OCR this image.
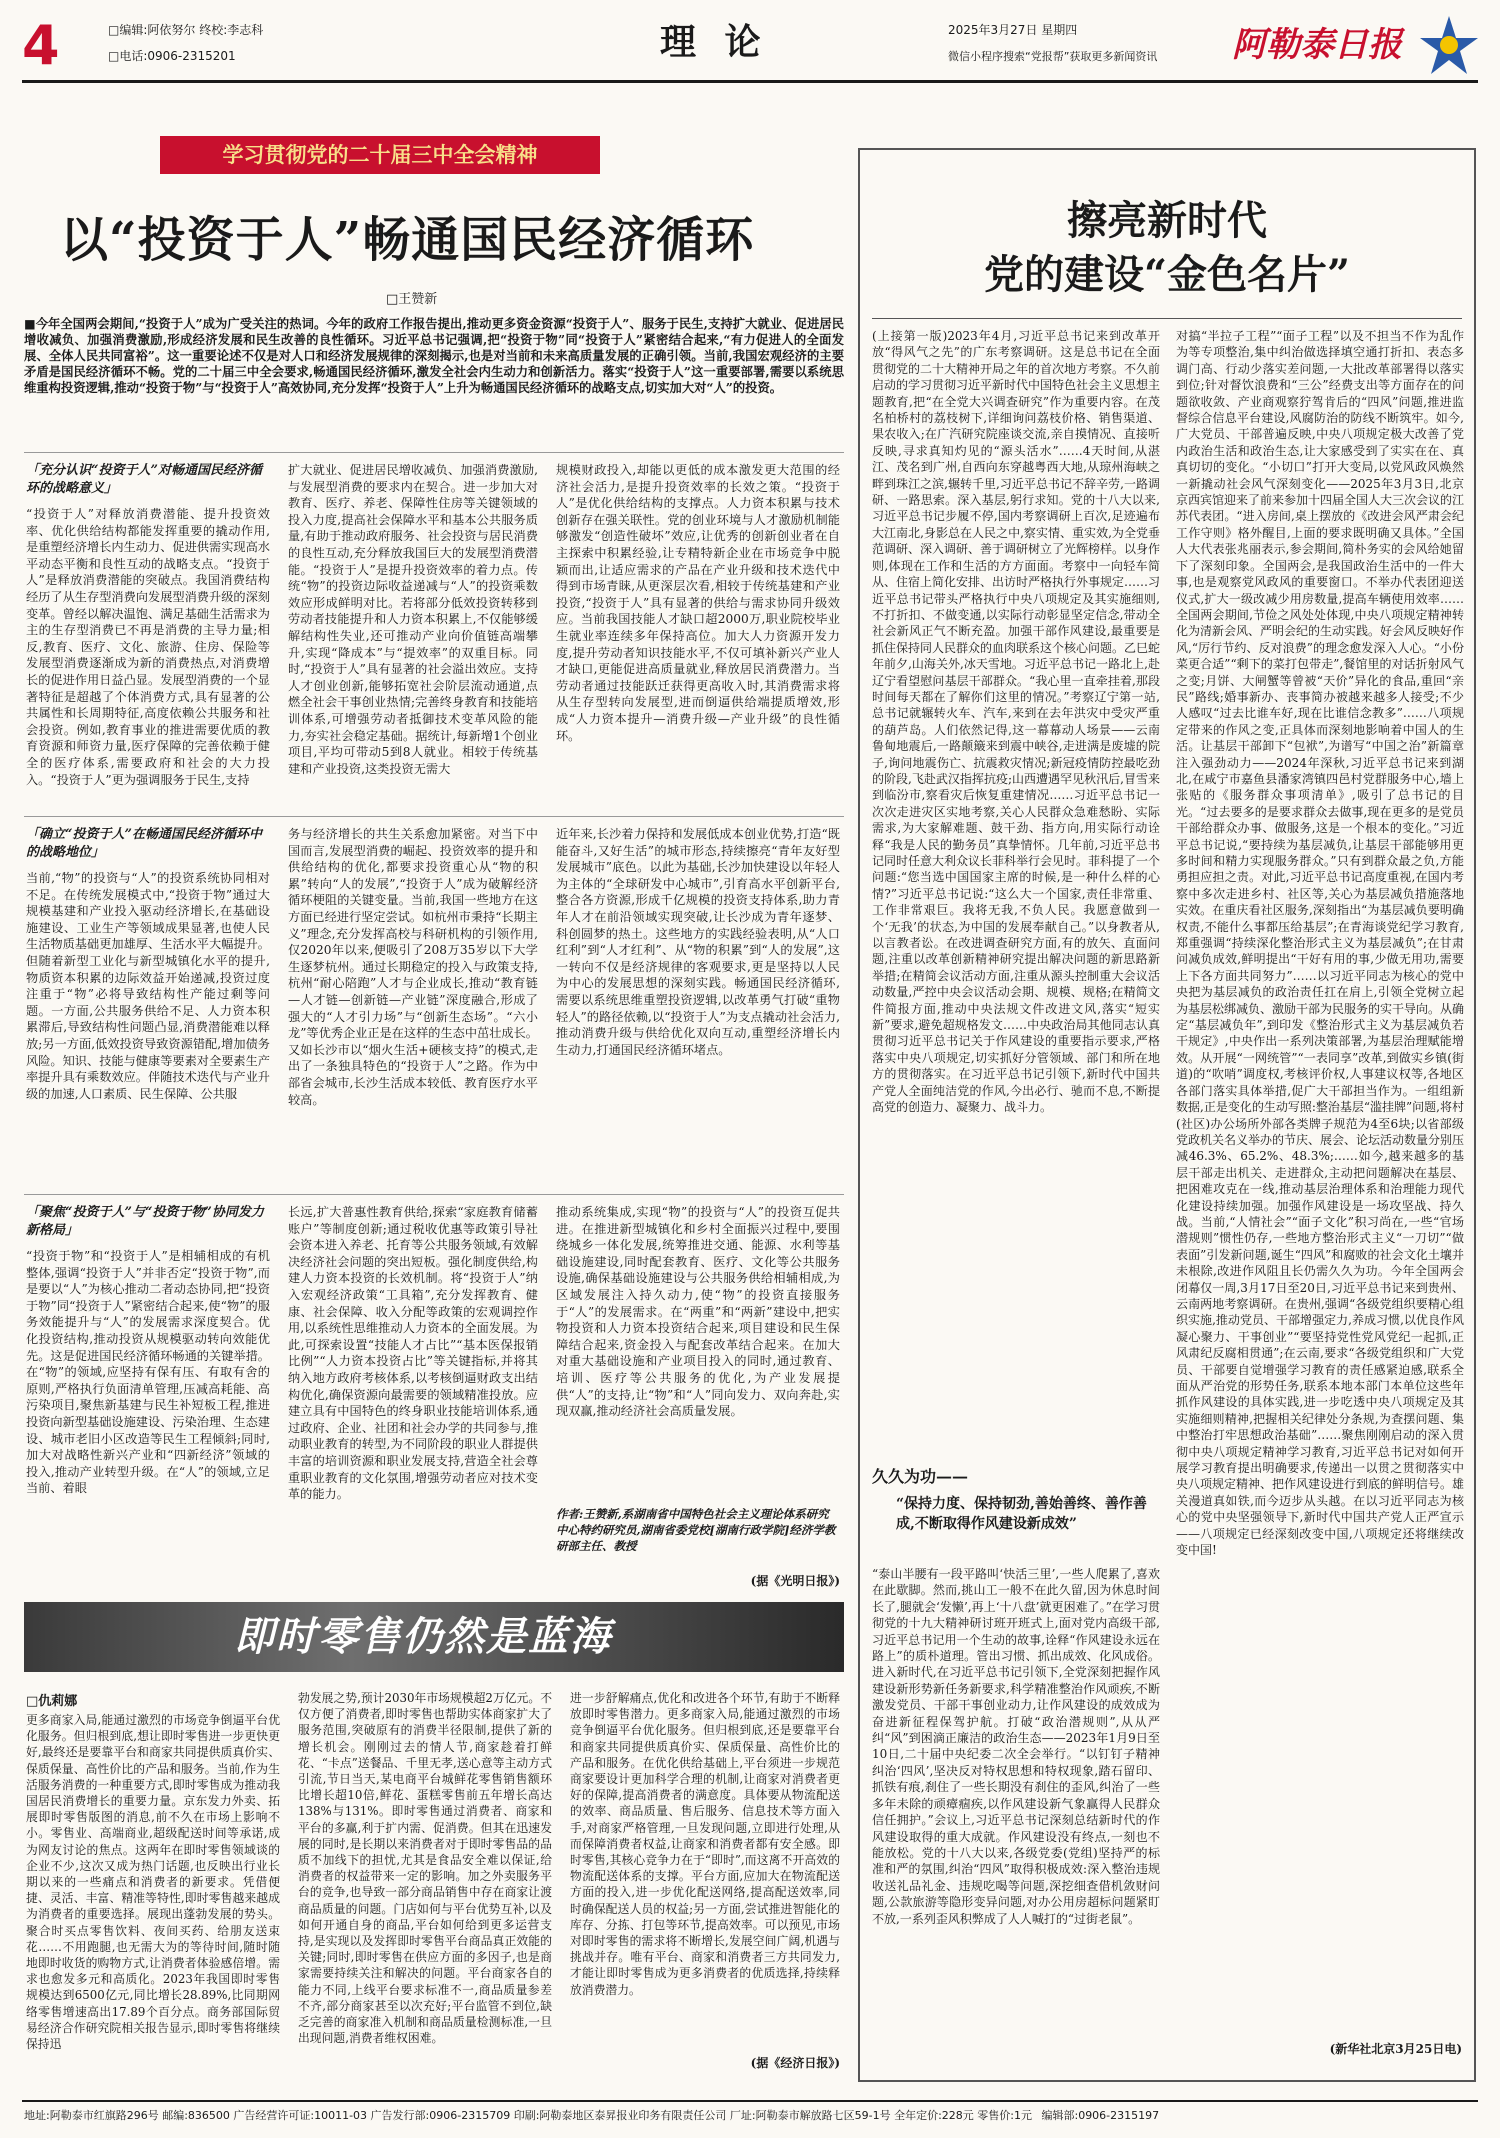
4	□编辑:阿依努尔 终校:李志科
□电话:0906-2315201	理 论	2025年3月27日 星期四
微信小程序搜索“党报帮”获取更多新闻资讯	阿勒泰日报
学习贯彻党的二十届三中全会精神
以“投资于人”畅通国民经济循环
□王赞新
■今年全国两会期间,“投资于人”成为广受关注的热词。今年的政府工作报告提出,推动更多资金资源“投资于人”、服务于民生,支持扩大就业、促进居民增收减负、加强消费激励,形成经济发展和民生改善的良性循环。习近平总书记强调,把“投资于物”同“投资于人”紧密结合起来,“有力促进人的全面发展、全体人民共同富裕”。这一重要论述不仅是对人口和经济发展规律的深刻揭示,也是对当前和未来高质量发展的正确引领。当前,我国宏观经济的主要矛盾是国民经济循环不畅。党的二十届三中全会要求,畅通国民经济循环,激发全社会内生动力和创新活力。落实“投资于人”这一重要部署,需要以系统思维重构投资逻辑,推动“投资于物”与“投资于人”高效协同,充分发挥“投资于人”上升为畅通国民经济循环的战略支点,切实加大对“人”的投资。
「充分认识“投资于人”对畅通国民经济循环的战略意义」
“投资于人”对释放消费潜能、提升投资效率、优化供给结构都能发挥重要的撬动作用,是重塑经济增长内生动力、促进供需实现高水平动态平衡和良性互动的战略支点。“投资于人”是释放消费潜能的突破点。我国消费结构经历了从生存型消费向发展型消费升级的深刻变革。曾经以解决温饱、满足基础生活需求为主的生存型消费已不再是消费的主导力量;相反,教育、医疗、文化、旅游、住房、保险等发展型消费逐渐成为新的消费热点,对消费增长的促进作用日益凸显。发展型消费的一个显著特征是超越了个体消费方式,具有显著的公共属性和长周期特征,高度依赖公共服务和社会投资。例如,教育事业的推进需要优质的教育资源和师资力量,医疗保障的完善依赖于健全的医疗体系,需要政府和社会的大力投入。“投资于人”更为强调服务于民生,支持
扩大就业、促进居民增收减负、加强消费激励,与发展型消费的要求内在契合。进一步加大对教育、医疗、养老、保障性住房等关键领域的投入力度,提高社会保障水平和基本公共服务质量,有助于推动政府服务、社会投资与居民消费的良性互动,充分释放我国巨大的发展型消费潜能。“投资于人”是提升投资效率的着力点。传统“物”的投资边际收益递减与“人”的投资乘数效应形成鲜明对比。若将部分低效投资转移到劳动者技能提升和人力资本积累上,不仅能够缓解结构性失业,还可推动产业向价值链高端攀升,实现“降成本”与“提效率”的双重目标。同时,“投资于人”具有显著的社会溢出效应。支持人才创业创新,能够拓宽社会阶层流动通道,点燃全社会干事创业热情;完善终身教育和技能培训体系,可增强劳动者抵御技术变革风险的能力,夯实社会稳定基础。据统计,每新增1个创业项目,平均可带动5到8人就业。相较于传统基建和产业投资,这类投资无需大
规模财政投入,却能以更低的成本激发更大范围的经济社会活力,是提升投资效率的长效之策。“投资于人”是优化供给结构的支撑点。人力资本积累与技术创新存在强关联性。党的创业环境与人才激励机制能够激发“创造性破坏”效应,让优秀的创新创业者在自主探索中积累经验,让专精特新企业在市场竞争中脱颖而出,让适应需求的产品在产业升级和技术迭代中得到市场青睐,从更深层次看,相较于传统基建和产业投资,“投资于人”具有显著的供给与需求协同升级效应。当前我国技能人才缺口超2000万,职业院校毕业生就业率连续多年保持高位。加大人力资源开发力度,提升劳动者知识技能水平,不仅可填补新兴产业人才缺口,更能促进高质量就业,释放居民消费潜力。当劳动者通过技能跃迁获得更高收入时,其消费需求将从生存型转向发展型,进而倒逼供给端提质增效,形成“人力资本提升—消费升级—产业升级”的良性循环。
「确立“投资于人”在畅通国民经济循环中的战略地位」
当前,“物”的投资与“人”的投资系统协同相对不足。在传统发展模式中,“投资于物”通过大规模基建和产业投入驱动经济增长,在基础设施建设、工业生产等领域成果显著,也使人民生活物质基础更加雄厚、生活水平大幅提升。但随着新型工业化与新型城镇化水平的提升,物质资本积累的边际效益开始递减,投资过度注重于“物”必将导致结构性产能过剩等问题。一方面,公共服务供给不足、人力资本积累滞后,导致结构性问题凸显,消费潜能难以释放;另一方面,低效投资导致资源错配,增加债务风险。知识、技能与健康等要素对全要素生产率提升具有乘数效应。伴随技术迭代与产业升级的加速,人口素质、民生保障、公共服
务与经济增长的共生关系愈加紧密。对当下中国而言,发展型消费的崛起、投资效率的提升和供给结构的优化,都要求投资重心从“物的积累”转向“人的发展”,“投资于人”成为破解经济循环梗阻的关键变量。当前,我国一些地方在这方面已经进行坚定尝试。如杭州市秉持“长期主义”理念,充分发挥高校与科研机构的引领作用,仅2020年以来,便吸引了208万35岁以下大学生逐梦杭州。通过长期稳定的投入与政策支持,杭州“耐心陪跑”人才与企业成长,推动“教育链—人才链—创新链—产业链”深度融合,形成了强大的“人才引力场”与“创新生态场”。“六小龙”等优秀企业正是在这样的生态中茁壮成长。又如长沙市以“烟火生活+硬核支持”的模式,走出了一条独具特色的“投资于人”之路。作为中部省会城市,长沙生活成本较低、教育医疗水平较高。
近年来,长沙着力保持和发展低成本创业优势,打造“既能奋斗,又好生活”的城市形态,持续擦亮“青年友好型发展城市”底色。以此为基础,长沙加快建设以年轻人为主体的“全球研发中心城市”,引育高水平创新平台,整合各方资源,形成千亿规模的投资支持体系,助力青年人才在前沿领域实现突破,让长沙成为青年逐梦、科创圆梦的热土。这些地方的实践经验表明,从“人口红利”到“人才红利”、从“物的积累”到“人的发展”,这一转向不仅是经济规律的客观要求,更是坚持以人民为中心的发展思想的深刻实践。畅通国民经济循环,需要以系统思维重塑投资逻辑,以改革勇气打破“重物轻人”的路径依赖,以“投资于人”为支点撬动社会活力,推动消费升级与供给优化双向互动,重塑经济增长内生动力,打通国民经济循环堵点。
「聚焦“投资于人”与“投资于物”协同发力新格局」
“投资于物”和“投资于人”是相辅相成的有机整体,强调“投资于人”并非否定“投资于物”,而是要以“人”为核心推动二者动态协同,把“投资于物”同“投资于人”紧密结合起来,使“物”的服务效能提升与“人”的发展需求深度契合。优化投资结构,推动投资从规模驱动转向效能优先。这是促进国民经济循环畅通的关键举措。在“物”的领域,应坚持有保有压、有取有舍的原则,严格执行负面清单管理,压减高耗能、高污染项目,聚焦新基建与民生补短板工程,推进投资向新型基础设施建设、污染治理、生态建设、城市老旧小区改造等民生工程倾斜;同时,加大对战略性新兴产业和“四新经济”领域的投入,推动产业转型升级。在“人”的领域,立足当前、着眼
长远,扩大普惠性教育供给,探索“家庭教育储蓄账户”等制度创新;通过税收优惠等政策引导社会资本进入养老、托育等公共服务领域,有效解决经济社会问题的突出短板。强化制度供给,构建人力资本投资的长效机制。将“投资于人”纳入宏观经济政策“工具箱”,充分发挥教育、健康、社会保障、收入分配等政策的宏观调控作用,以系统性思维推动人力资本的全面发展。为此,可探索设置“技能人才占比”“基本医保报销比例”“人力资本投资占比”等关键指标,并将其纳入地方政府考核体系,以考核倒逼财政支出结构优化,确保资源向最需要的领域精准投放。应建立具有中国特色的终身职业技能培训体系,通过政府、企业、社团和社会办学的共同参与,推动职业教育的转型,为不同阶段的职业人群提供丰富的培训资源和职业发展支持,营造全社会尊重职业教育的文化氛围,增强劳动者应对技术变革的能力。
推动系统集成,实现“物”的投资与“人”的投资互促共进。在推进新型城镇化和乡村全面振兴过程中,要围绕城乡一体化发展,统筹推进交通、能源、水利等基础设施建设,同时配套教育、医疗、文化等公共服务设施,确保基础设施建设与公共服务供给相辅相成,为区域发展注入持久动力,使“物”的投资直接服务于“人”的发展需求。在“两重”和“两新”建设中,把实物投资和人力资本投资结合起来,项目建设和民生保障结合起来,资金投入与配套改革结合起来。在加大对重大基础设施和产业项目投入的同时,通过教育、培训、医疗等公共服务的优化,为产业发展提供“人”的支持,让“物”和“人”同向发力、双向奔赴,实现双赢,推动经济社会高质量发展。
作者:王赞新,系湖南省中国特色社会主义理论体系研究中心特约研究员,湖南省委党校[湖南行政学院]经济学教研部主任、教授
(据《光明日报》)
即时零售仍然是蓝海
□仇莉娜
更多商家入局,能通过激烈的市场竞争倒逼平台优化服务。但归根到底,想让即时零售进一步更快更好,最终还是要靠平台和商家共同提供质真价实、保质保量、高性价比的产品和服务。当前,作为生活服务消费的一种重要方式,即时零售成为推动我国居民消费增长的重要力量。京东发力外卖、拓展即时零售版图的消息,前不久在市场上影响不小。零售业、高端商业,超级配送时间等承诺,成为网友讨论的焦点。这两年在即时零售领域谈的企业不少,这次又成为热门话题,也反映出行业长期以来的一些痛点和消费者的新要求。凭借便捷、灵活、丰富、精准等特性,即时零售越来越成为消费者的重要选择。展现出蓬勃发展的势头。聚合时买点零售饮料、夜间买药、给朋友送束花……不用跑腿,也无需大为的等待时间,随时随地即时收货的购物方式,让消费者体验感倍增。需求也愈发多元和高质化。2023年我国即时零售规模达到6500亿元,同比增长28.89%,比同期网络零售增速高出17.89个百分点。商务部国际贸易经济合作研究院相关报告显示,即时零售将继续保持迅
勃发展之势,预计2030年市场规模超2万亿元。不仅方便了消费者,即时零售也帮助实体商家扩大了服务范围,突破原有的消费半径限制,提供了新的增长机会。刚刚过去的情人节,商家趁着打鲜花、“卡点”送餐品、千里无孝,送心意等主动方式引流,节日当天,某电商平台城鲜花零售销售额环比增长超10倍,鲜花、蛋糕零售前五年增长高达138%与131%。即时零售通过消费者、商家和平台的多赢,利于扩内需、促消费。但其在迅速发展的同时,是长期以来消费者对于即时零售品的品质不加线下的担忧,尤其是食品安全难以保证,给消费者的权益带来一定的影响。加之外卖服务平台的竞争,也导致一部分商品销售中存在商家让渡商品质量的问题。门店如何与平台优势互补,以及如何开通自身的商品,平台如何给到更多运营支持,是实现以及发挥即时零售平台商品真正效能的关键;同时,即时零售在供应方面的多因子,也是商家需要持续关注和解决的问题。平台商家各自的能力不同,上线平台要求标准不一,商品质量参差不齐,部分商家甚至以次充好;平台监管不到位,缺乏完善的商家准入机制和商品质量检测标准,一旦出现问题,消费者维权困难。
进一步舒解痛点,优化和改进各个环节,有助于不断释放即时零售潜力。更多商家入局,能通过激烈的市场竞争倒逼平台优化服务。但归根到底,还是要靠平台和商家共同提供质真价实、保质保量、高性价比的产品和服务。在优化供给基础上,平台须进一步规范商家要设计更加科学合理的机制,让商家对消费者更好的保障,提高消费者的满意度。具体要从物流配送的效率、商品质量、售后服务、信息技术等方面入手,对商家严格管理,一旦发现问题,立即进行处理,从而保障消费者权益,让商家和消费者都有安全感。即时零售,其核心竞争力在于“即时”,而这离不开高效的物流配送体系的支撑。平台方面,应加大在物流配送方面的投入,进一步优化配送网络,提高配送效率,同时确保配送人员的权益;另一方面,尝试推进智能化的库存、分拣、打包等环节,提高效率。可以预见,市场对即时零售的需求将不断增长,发展空间广阔,机遇与挑战并存。唯有平台、商家和消费者三方共同发力,才能让即时零售成为更多消费者的优质选择,持续释放消费潜力。
(据《经济日报》)
擦亮新时代
党的建设“金色名片”
(上接第一版)2023年4月,习近平总书记来到改革开放“得风气之先”的广东考察调研。这是总书记在全面贯彻党的二十大精神开局之年的首次地方考察。不久前启动的学习贯彻习近平新时代中国特色社会主义思想主题教育,把“在全党大兴调查研究”作为重要内容。在茂名柏桥村的荔枝树下,详细询问荔枝价格、销售渠道、果农收入;在广汽研究院座谈交流,亲自摸情况、直接听反映,寻求真知灼见的“源头活水”……4天时间,从湛江、茂名到广州,自西向东穿越粤西大地,从琼州海峡之畔到珠江之滨,辗转千里,习近平总书记不辞辛劳,一路调研、一路思索。深入基层,躬行求知。党的十八大以来,习近平总书记步履不停,国内考察调研上百次,足迹遍布大江南北,身影总在人民之中,察实情、重实效,为全党垂范调研、深入调研、善于调研树立了光辉榜样。以身作则,体现在工作和生活的方方面面。考察中一向轻车简从、住宿上简化安排、出访时严格执行外事规定……习近平总书记带头严格执行中央八项规定及其实施细则,不打折扣、不做变通,以实际行动彰显坚定信念,带动全社会新风正气不断充盈。加强干部作风建设,最重要是抓住保持同人民群众的血肉联系这个核心问题。乙巳蛇年前夕,山海关外,冰天雪地。习近平总书记一路北上,赴辽宁看望慰问基层干部群众。“我心里一直牵挂着,那段时间每天都在了解你们这里的情况。”考察辽宁第一站,总书记就辗转火车、汽车,来到在去年洪灾中受灾严重的葫芦岛。人们依然记得,这一幕幕动人场景——云南鲁甸地震后,一路颠簸来到震中峡谷,走进满是废墟的院子,询问地震伤亡、抗震救灾情况;新冠疫情防控最吃劲的阶段,飞赴武汉指挥抗疫;山西遭遇罕见秋汛后,冒雪来到临汾市,察看灾后恢复重建情况……习近平总书记一次次走进灾区实地考察,关心人民群众急难愁盼、实际需求,为大家解难题、鼓干劲、指方向,用实际行动诠释“我是人民的勤务员”真挚情怀。几年前,习近平总书记同时任意大利众议长菲科举行会见时。菲科提了一个问题:“您当选中国国家主席的时候,是一种什么样的心情?”习近平总书记说:“这么大一个国家,责任非常重、工作非常艰巨。我将无我,不负人民。我愿意做到一个‘无我’的状态,为中国的发展奉献自己。”以身教者从,以言教者讼。在改进调查研究方面,有的放矢、直面问题,注重以改革创新精神研究提出解决问题的新思路新举措;在精简会议活动方面,注重从源头控制重大会议活动数量,严控中央会议活动会期、规模、规格;在精简文件简报方面,推动中央法规文件改进文风,落实“短实新”要求,避免超规格发文……中央政治局其他同志认真贯彻习近平总书记关于作风建设的重要指示要求,严格落实中央八项规定,切实抓好分管领域、部门和所在地方的贯彻落实。在习近平总书记引领下,新时代中国共产党人全面纯洁党的作风,今出必行、驰而不息,不断提高党的创造力、凝聚力、战斗力。
久久为功——
“保持力度、保持韧劲,善始善终、善作善成,不断取得作风建设新成效”
“泰山半腰有一段平路叫‘快活三里’,一些人爬累了,喜欢在此歇脚。然而,挑山工一般不在此久留,因为休息时间长了,腿就会‘发懒’,再上‘十八盘’就更困难了。”在学习贯彻党的十九大精神研讨班开班式上,面对党内高级干部,习近平总书记用一个生动的故事,诠释“作风建设永远在路上”的质朴道理。管出习惯、抓出成效、化风成俗。进入新时代,在习近平总书记引领下,全党深刻把握作风建设新形势新任务新要求,科学精准整治作风顽疾,不断激发党员、干部干事创业动力,让作风建设的成效成为奋进新征程保驾护航。打破“政治潜规则”,从从严纠“风”到困滴正廉洁的政治生态——2023年1月9日至10日,二十届中央纪委二次全会举行。“以钉钉子精神纠治‘四风’,坚决反对特权思想和特权现象,踏石留印、抓铁有痕,刹住了一些长期没有刹住的歪风,纠治了一些多年未除的顽瘴痼疾,以作风建设新气象赢得人民群众信任拥护。”会议上,习近平总书记深刻总结新时代的作风建设取得的重大成就。作风建设没有终点,一刻也不能放松。党的十八大以来,各级党委(党组)坚持严的标准和严的氛围,纠治“四风”取得积极成效:深入整治违规收送礼品礼金、违规吃喝等问题,深挖细查借机敛财问题,公款旅游等隐形变异问题,对办公用房超标问题紧盯不放,一系列歪风积弊成了人人喊打的“过街老鼠”。
对搞“半拉子工程”“面子工程”以及不担当不作为乱作为等专项整治,集中纠治做选择填空通打折扣、表态多调门高、行动少落实差问题,一大批改革部署得以落实到位;针对督饮浪费和“三公”经费支出等方面存在的问题欲收敛、产业商观察狞驾肯后的“四风”问题,推进监督综合信息平台建设,风腐防治的防线不断筑牢。如今,广大党员、干部普遍反映,中央八项规定极大改善了党内政治生活和政治生态,让大家感受到了实实在在、真真切切的变化。“小切口”打开大变局,以党风政风焕然一新撬动社会风气深刻变化——2025年3月3日,北京京西宾馆迎来了前来参加十四届全国人大三次会议的江苏代表团。“进入房间,桌上摆放的《改进会风严肃会纪工作守则》格外醒目,上面的要求既明确又具体。”全国人大代表张兆丽表示,参会期间,简朴务实的会风给她留下了深刻印象。全国两会,是我国政治生活中的一件大事,也是观察党风政风的重要窗口。不举办代表团迎送仪式,扩大一级改减少用房数量,提高车辆使用效率……全国两会期间,节俭之风处处体现,中央八项规定精神转化为清新会风、严明会纪的生动实践。好会风反映好作风,“厉行节约、反对浪费”的理念愈发深入人心。“小份菜更合适”“剩下的菜打包带走”,餐馆里的对话折射风气之变;月饼、大闸蟹等曾被“天价”异化的食品,重回“亲民”路线;婚事新办、丧事简办被越来越多人接受;不少人感叹“过去比谁车好,现在比谁信念教多”……八项规定带来的作风之变,正具体而深刻地影响着中国人的生活。让基层干部卸下“包袱”,为谱写“中国之治”新篇章注入强劲动力——2024年深秋,习近平总书记来到湖北,在咸宁市嘉鱼县潘家湾镇四邑村党群服务中心,墙上张贴的《服务群众事项清单》,吸引了总书记的目光。“过去要多的是要求群众去做事,现在更多的是党员干部给群众办事、做服务,这是一个根本的变化。”习近平总书记说,“要持续为基层减负,让基层干部能够用更多时间和精力实现服务群众。”只有到群众最之负,方能勇担应担之责。对此,习近平总书记高度重视,在国内考察中多次走进乡村、社区等,关心为基层减负措施落地实效。在重庆看社区服务,深刻指出“为基层减负要明确权责,不能什么事都压给基层”;在青海谈党纪学习教育,郑重强调“持续深化整治形式主义为基层减负”;在甘肃问减负成效,鲜明提出“干好有用的事,少做无用功,需要上下各方面共同努力”……以习近平同志为核心的党中央把为基层减负的政治责任扛在肩上,引领全党树立起为基层松绑减负、激励干部为民服务的实干导向。从确定“基层减负年”,到印发《整治形式主义为基层减负若干规定》,中央作出一系列决策部署,为基层治理赋能增效。从开展“一网统管”“一表同享”改革,到做实乡镇(街道)的“吹哨”调度权,考核评价权,人事建议权等,各地区各部门落实具体举措,促广大干部担当作为。一组组新数据,正是变化的生动写照:整治基层“滥挂牌”问题,将村(社区)办公场所外部各类牌子规范为4至6块;以省部级党政机关名义举办的节庆、展会、论坛活动数量分别压减46.3%、65.2%、48.3%;……如今,越来越多的基层干部走出机关、走进群众,主动把问题解决在基层、把困难攻克在一线,推动基层治理体系和治理能力现代化建设持续加强。加强作风建设是一场攻坚战、持久战。当前,“人情社会”“面子文化”积习尚在,一些“官场潜规则”惯性仍存,一些地方整治形式主义“一刀切”“做表面”引发新问题,诞生“四风”和腐败的社会文化土壤并未根除,改进作风阻且长仍需久久为功。今年全国两会闭幕仅一周,3月17日至20日,习近平总书记来到贵州、云南两地考察调研。在贵州,强调“各级党组织要精心组织实施,推动党员、干部增强定力,养成习惯,以优良作风凝心聚力、干事创业”“要坚持党性党风党纪一起抓,正风肃纪反腐相贯通”;在云南,要求“各级党组织和广大党员、干部要自觉增强学习教育的责任感紧迫感,联系全面从严治党的形势任务,联系本地本部门本单位这些年抓作风建设的具体实践,进一步吃透中央八项规定及其实施细则精神,把握相关纪律处分条规,为查摆问题、集中整治打牢思想政治基础”……聚焦刚刚启动的深入贯彻中央八项规定精神学习教育,习近平总书记对如何开展学习教育提出明确要求,传递出一以贯之贯彻落实中央八项规定精神、把作风建设进行到底的鲜明信号。雄关漫道真如铁,而今迈步从头越。在以习近平同志为核心的党中央坚强领导下,新时代中国共产党人正严宣示——八项规定已经深刻改变中国,八项规定还将继续改变中国!
(新华社北京3月25日电)
地址:阿勒泰市红旗路296号 邮编:836500 广告经营许可证:10011-03 广告发行部:0906-2315709 印刷:阿勒泰地区泰昇报业印务有限责任公司 厂址:阿勒泰市解放路七区59-1号 全年定价:228元 零售价:1元 编辑部:0906-2315197
